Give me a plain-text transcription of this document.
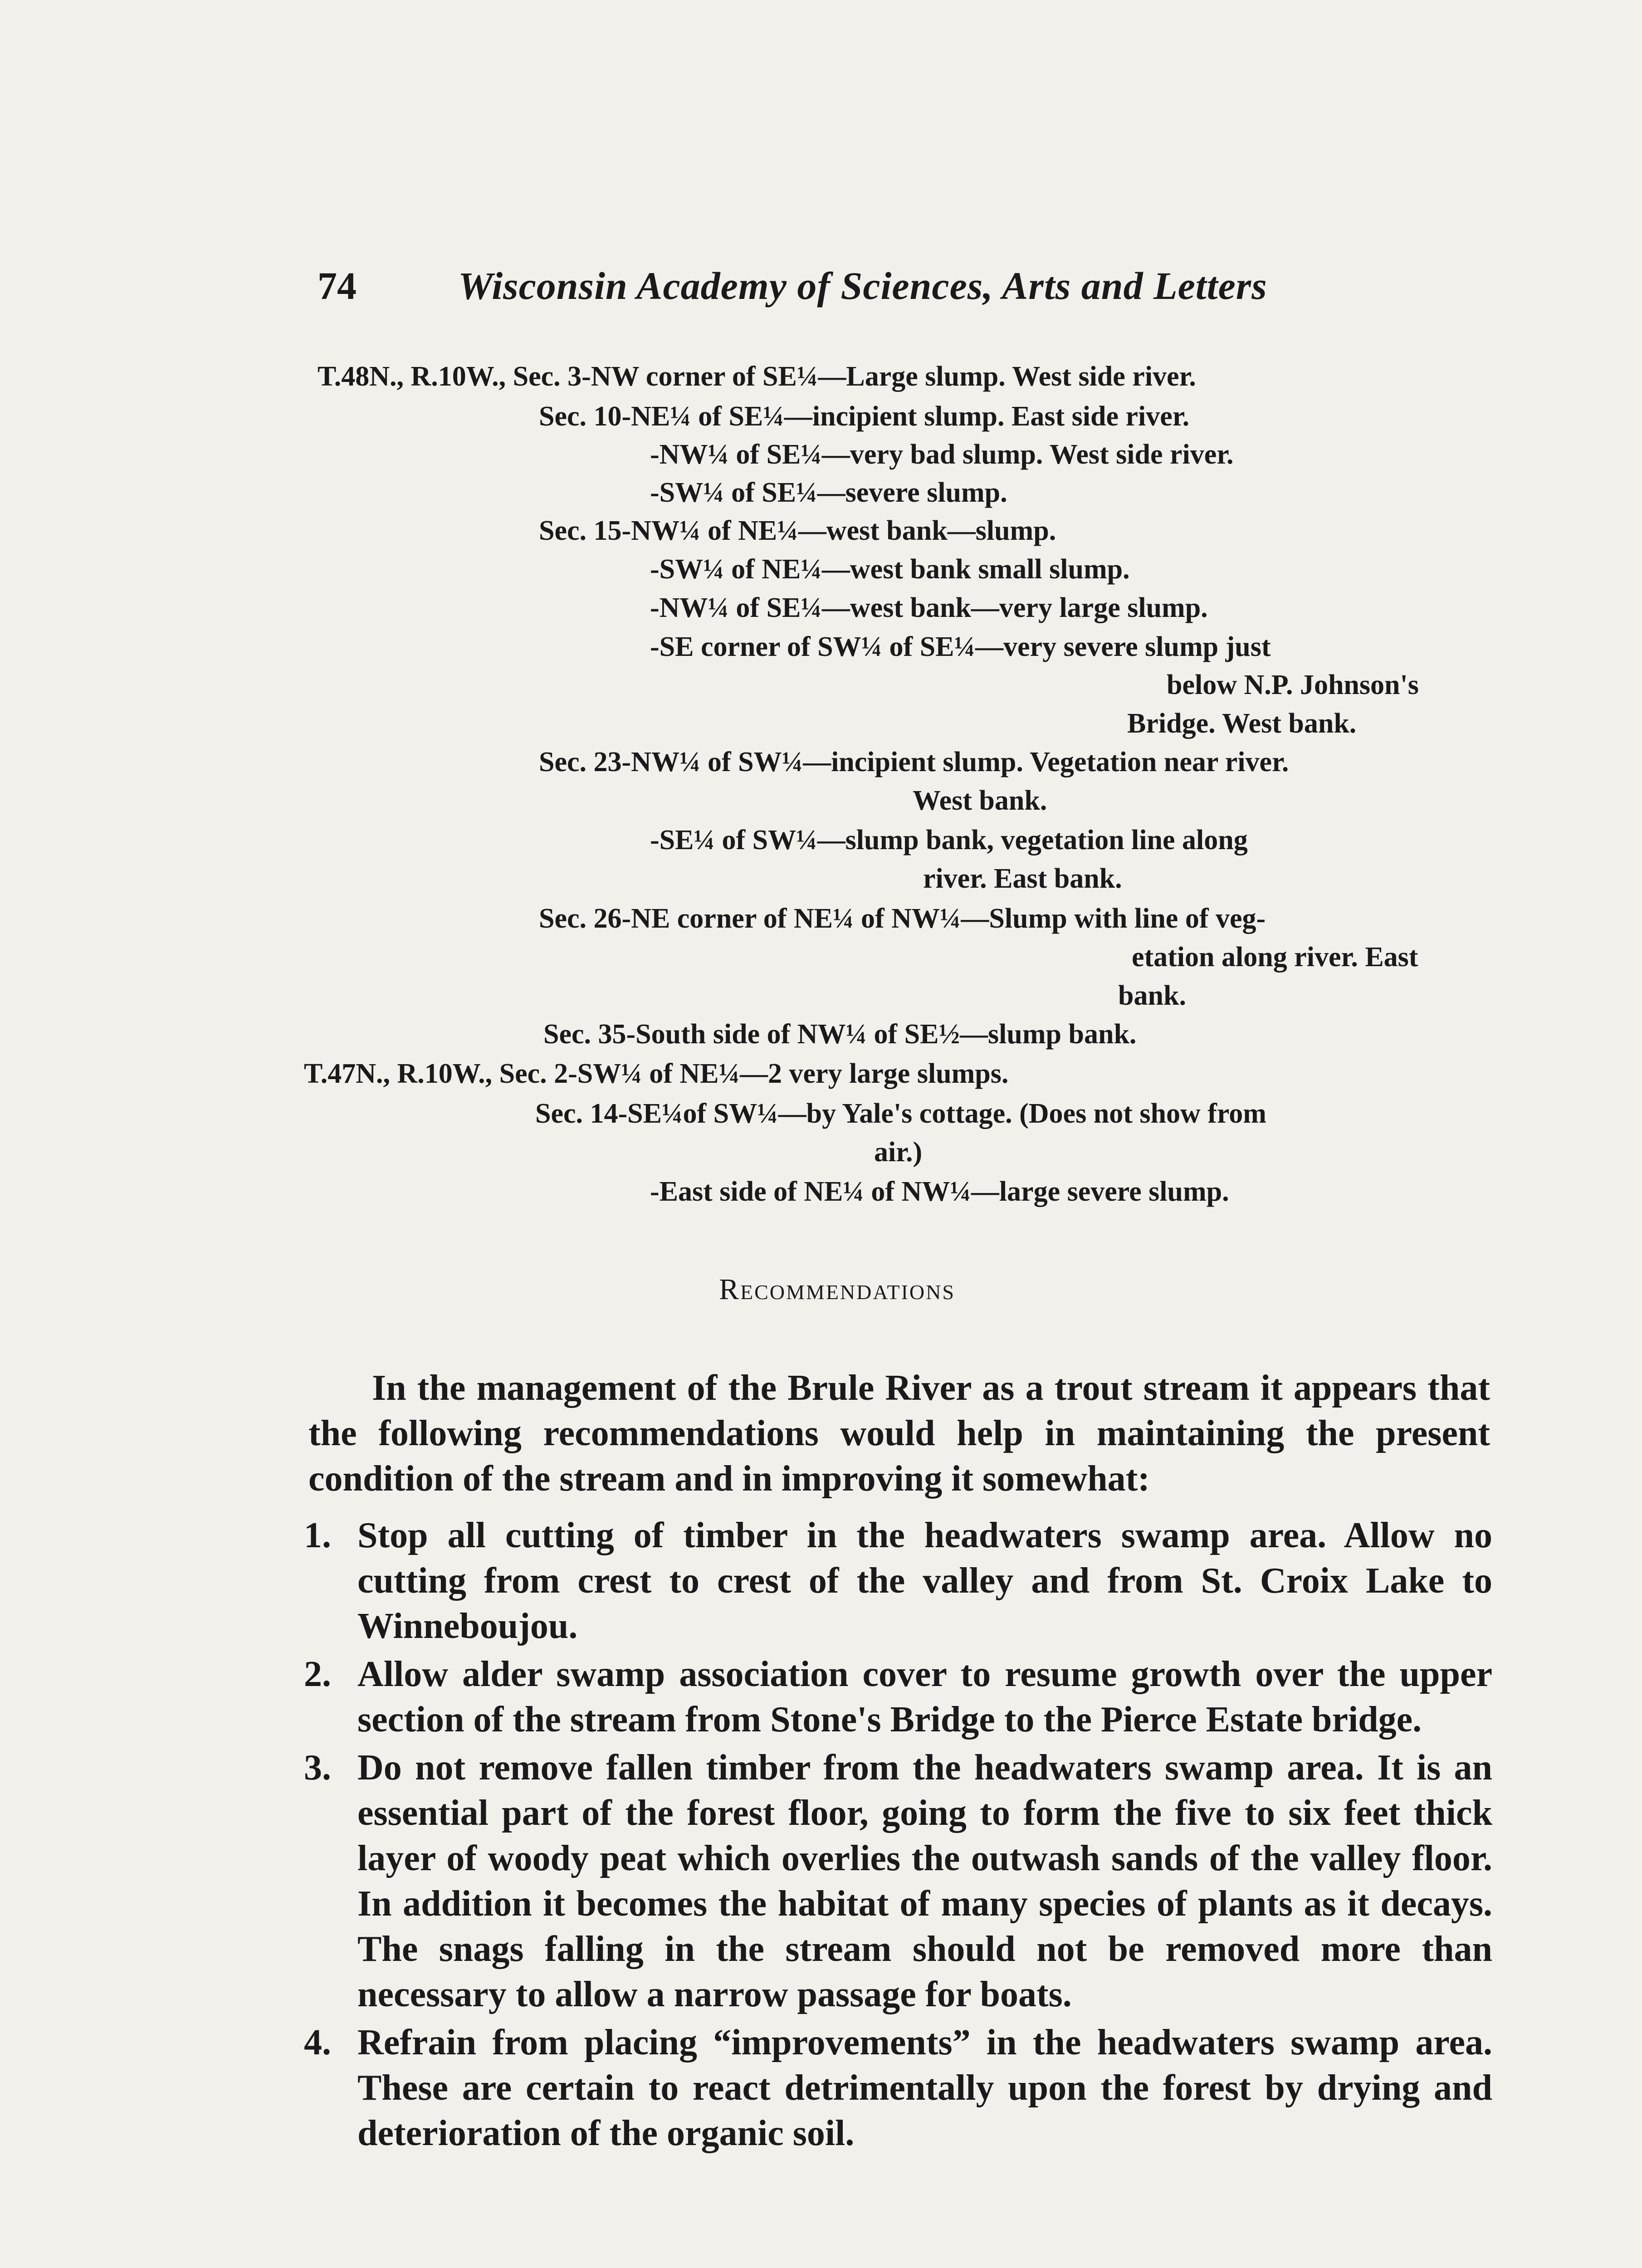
74	Wisconsin Academy of Sciences, Arts and Letters
T.48N., R.10W., Sec. 3-NW corner of SE¼—Large slump. West side river.
Sec. 10-NE¼ of SE¼—incipient slump. East side river.
-NW¼ of SE¼—very bad slump. West side river.
-SW¼ of SE¼—severe slump.
Sec. 15-NW¼ of NE¼—west bank—slump.
-SW¼ of NE¼—west bank small slump.
-NW¼ of SE¼—west bank—very large slump.
-SE corner of SW¼ of SE¼—very severe slump just
below N.P. Johnson's
Bridge. West bank.
Sec. 23-NW¼ of SW¼—incipient slump. Vegetation near river.
West bank.
-SE¼ of SW¼—slump bank, vegetation line along
river. East bank.
Sec. 26-NE corner of NE¼ of NW¼—Slump with line of veg-
etation along river. East
bank.
Sec. 35-South side of NW¼ of SE½—slump bank.
T.47N., R.10W., Sec. 2-SW¼ of NE¼—2 very large slumps.
Sec. 14-SE¼of SW¼—by Yale's cottage. (Does not show from
air.)
-East side of NE¼ of NW¼—large severe slump.
Recommendations

In the management of the Brule River as a trout stream it appears that the following recommendations would help in maintaining the present condition of the stream and in improving it somewhat:

1. Stop all cutting of timber in the headwaters swamp area. Allow no cutting from crest to crest of the valley and from St. Croix Lake to Winneboujou.
2. Allow alder swamp association cover to resume growth over the upper section of the stream from Stone's Bridge to the Pierce Estate bridge.
3. Do not remove fallen timber from the headwaters swamp area. It is an essential part of the forest floor, going to form the five to six feet thick layer of woody peat which overlies the outwash sands of the valley floor. In addition it becomes the habitat of many species of plants as it decays. The snags falling in the stream should not be removed more than necessary to allow a narrow passage for boats.
4. Refrain from placing “improvements” in the headwaters swamp area. These are certain to react detrimentally upon the forest by drying and deterioration of the organic soil.
